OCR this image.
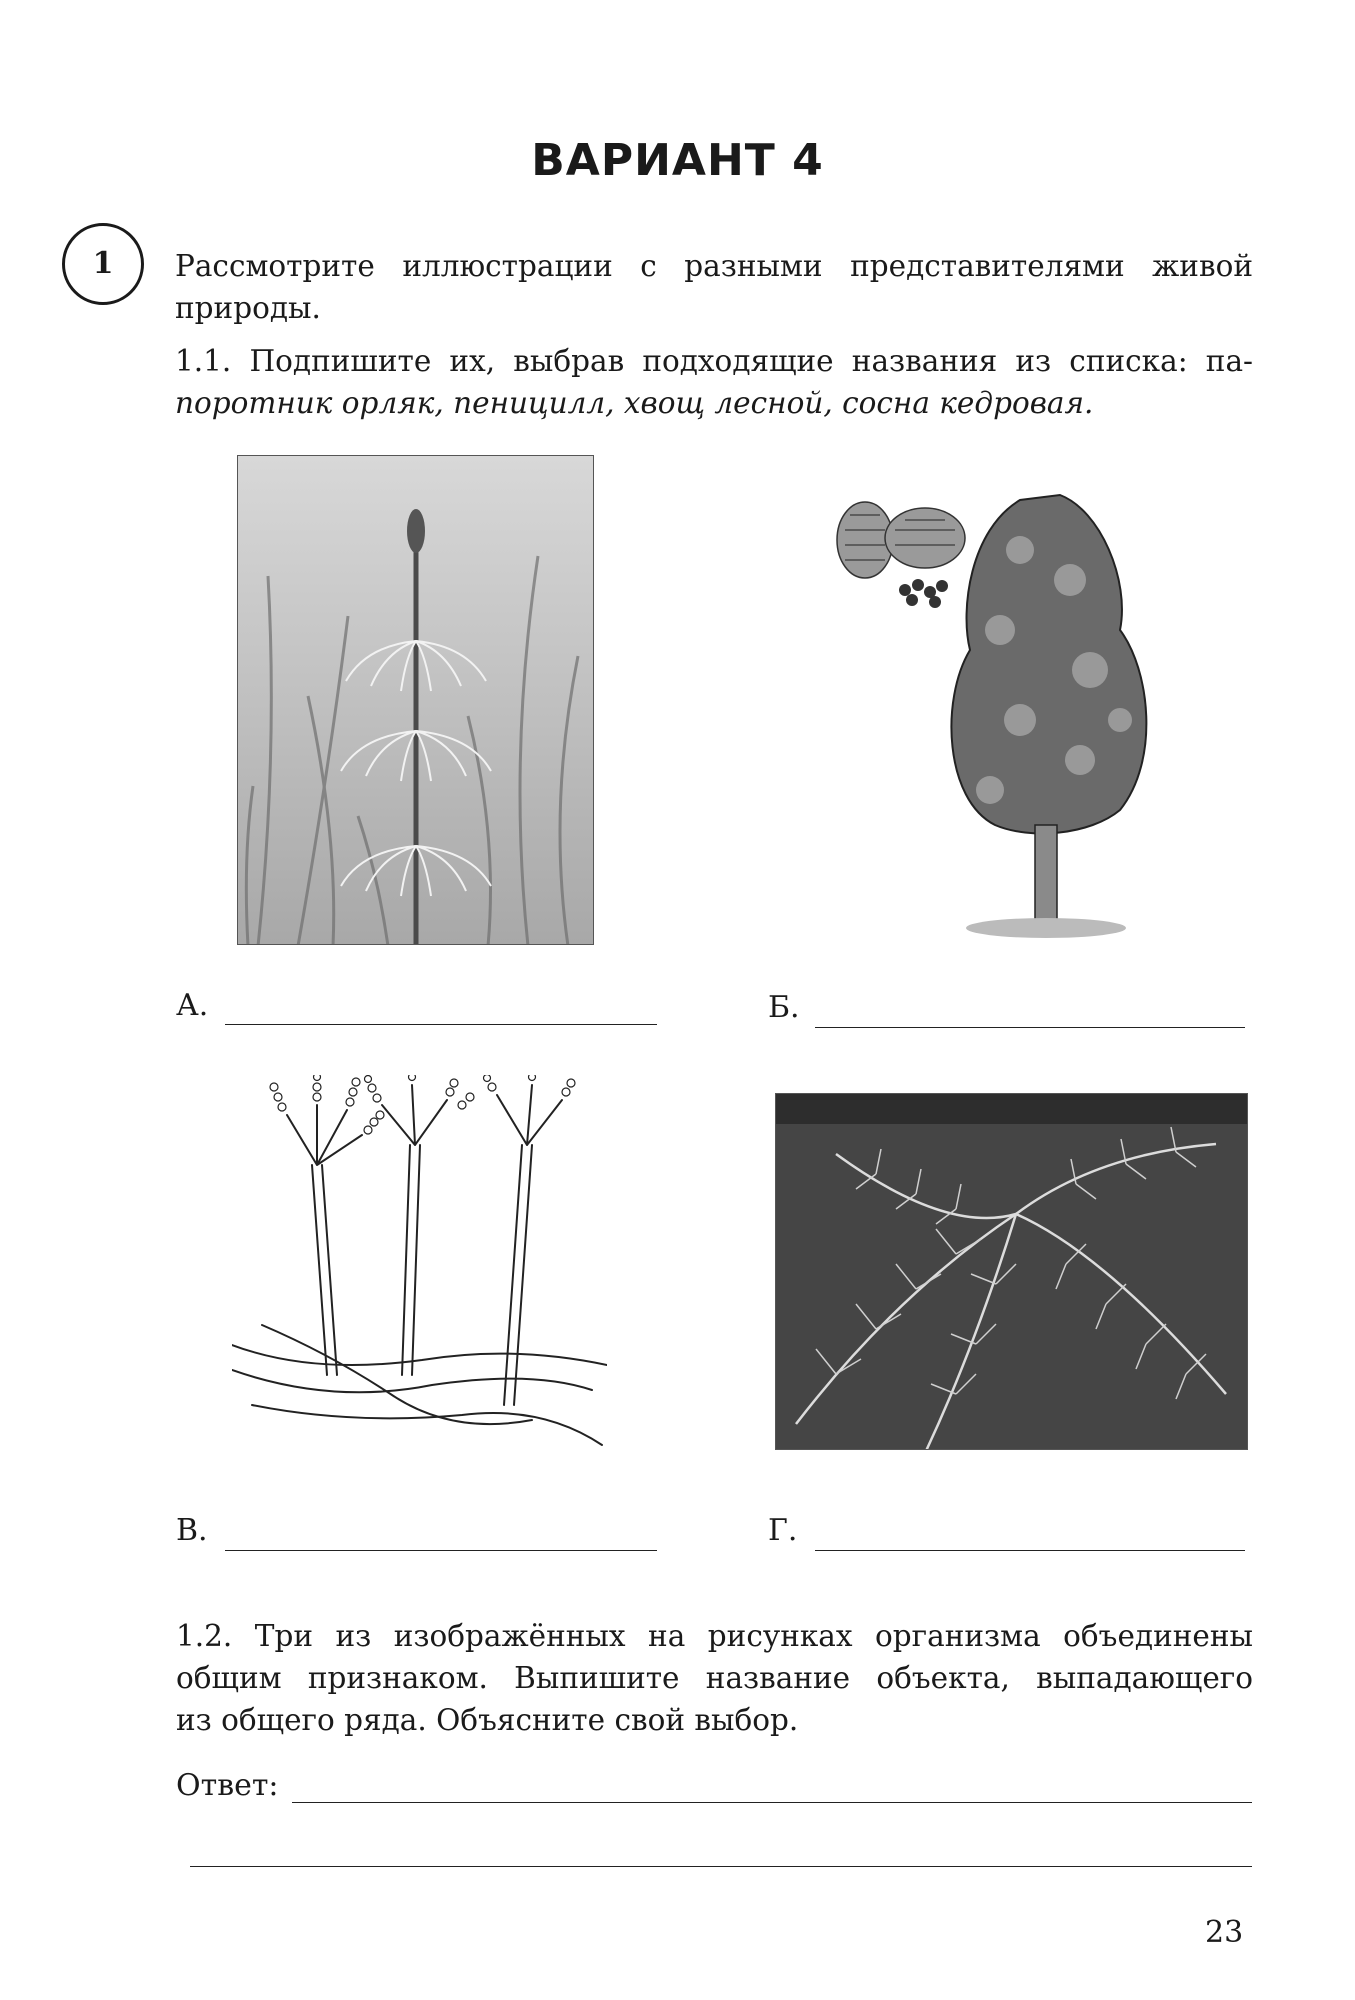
ВАРИАНТ 4
1	Рассмотрите иллюстрации с разными представителями живой
природы.
1.1. Подпишите их, выбрав подходящие названия из списка: па-
поротник орляк, пеницилл, хвощ лесной, сосна кедровая.
А.	Б.
В.	Г.
1.2. Три из изображённых на рисунках организма объединены
общим признаком. Выпишите название объекта, выпадающего
из общего ряда. Объясните свой выбор.
Ответ:
23
